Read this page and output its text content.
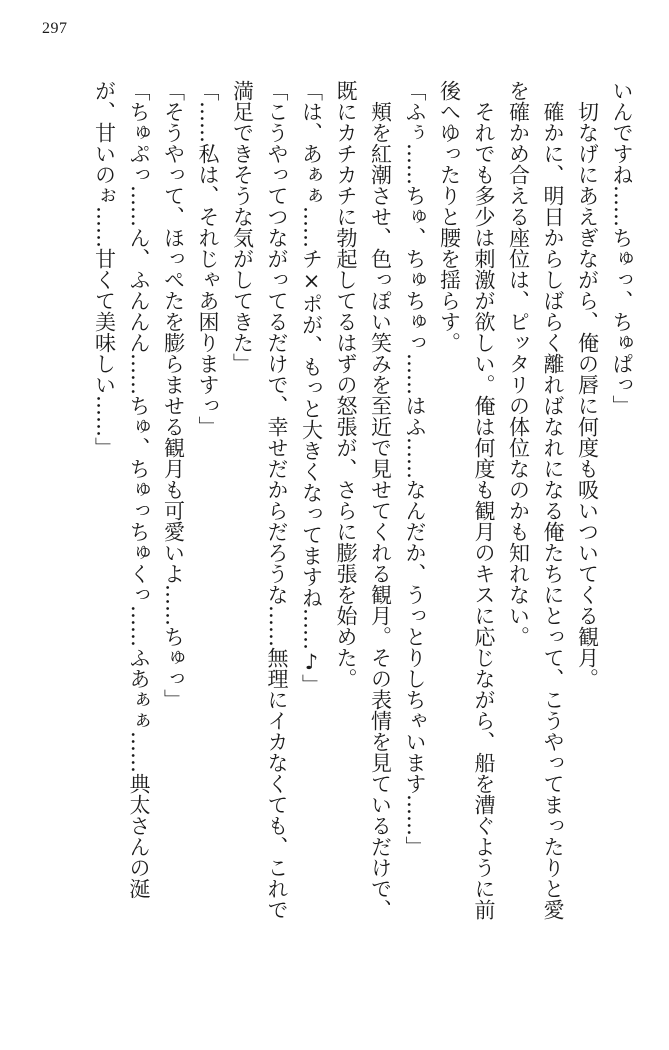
297
いんですね……ちゅっ、ちゅぱっ」
　切なげにあえぎながら、俺の唇に何度も吸いついてくる観月。
　確かに、明日からしばらく離ればなれになる俺たちにとって、こうやってまったりと愛
を確かめ合える座位は、ピッタリの体位なのかも知れない。
　それでも多少は刺激が欲しい。俺は何度も観月のキスに応じながら、船を漕ぐように前
後へゆったりと腰を揺らす。
「ふぅ……ちゅ、ちゅちゅっ……はふ……なんだか、うっとりしちゃいます……」
　頬を紅潮させ、色っぽい笑みを至近で見せてくれる観月。その表情を見ているだけで、
既にカチカチに勃起してるはずの怒張が、さらに膨張を始めた。
「は、あぁぁ……チ×ポが、もっと大きくなってますね……♪」
「こうやってつながってるだけで、幸せだからだろうな……無理にイカなくても、これで
満足できそうな気がしてきた」
「……私は、それじゃあ困りますっ」
「そうやって、ほっぺたを膨らませる観月も可愛いよ……ちゅっ」
「ちゅぷっ……ん、ふんんん……ちゅ、ちゅっちゅくっ……ふあぁぁ……典太さんの涎
が、甘いのぉ……甘くて美味しい……」
